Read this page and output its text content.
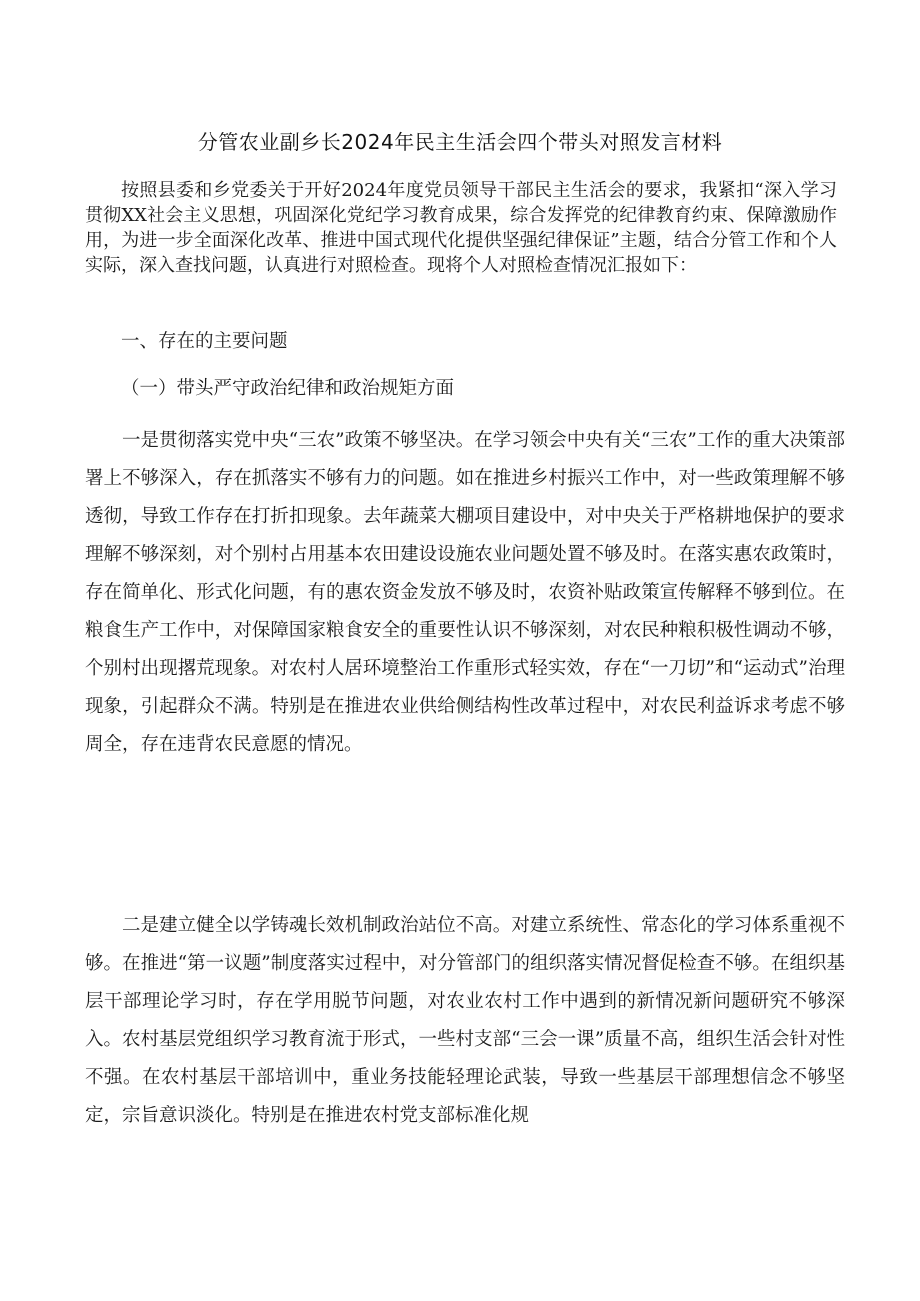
分管农业副乡长2024年民主生活会四个带头对照发言材料

按照县委和乡党委关于开好2024年度党员领导干部民主生活会的要求，我紧扣“深入学习贯彻XX社会主义思想，巩固深化党纪学习教育成果，综合发挥党的纪律教育约束、保障激励作用，为进一步全面深化改革、推进中国式现代化提供坚强纪律保证”主题，结合分管工作和个人实际，深入查找问题，认真进行对照检查。现将个人对照检查情况汇报如下：

一、存在的主要问题

（一）带头严守政治纪律和政治规矩方面

一是贯彻落实党中央“三农”政策不够坚决。在学习领会中央有关“三农”工作的重大决策部署上不够深入，存在抓落实不够有力的问题。如在推进乡村振兴工作中，对一些政策理解不够透彻，导致工作存在打折扣现象。去年蔬菜大棚项目建设中，对中央关于严格耕地保护的要求理解不够深刻，对个别村占用基本农田建设设施农业问题处置不够及时。在落实惠农政策时，存在简单化、形式化问题，有的惠农资金发放不够及时，农资补贴政策宣传解释不够到位。在粮食生产工作中，对保障国家粮食安全的重要性认识不够深刻，对农民种粮积极性调动不够，个别村出现撂荒现象。对农村人居环境整治工作重形式轻实效，存在“一刀切”和“运动式”治理现象，引起群众不满。特别是在推进农业供给侧结构性改革过程中，对农民利益诉求考虑不够周全，存在违背农民意愿的情况。

二是建立健全以学铸魂长效机制政治站位不高。对建立系统性、常态化的学习体系重视不够。在推进“第一议题”制度落实过程中，对分管部门的组织落实情况督促检查不够。在组织基层干部理论学习时，存在学用脱节问题，对农业农村工作中遇到的新情况新问题研究不够深入。农村基层党组织学习教育流于形式，一些村支部“三会一课”质量不高，组织生活会针对性不强。在农村基层干部培训中，重业务技能轻理论武装，导致一些基层干部理想信念不够坚定，宗旨意识淡化。特别是在推进农村党支部标准化规
